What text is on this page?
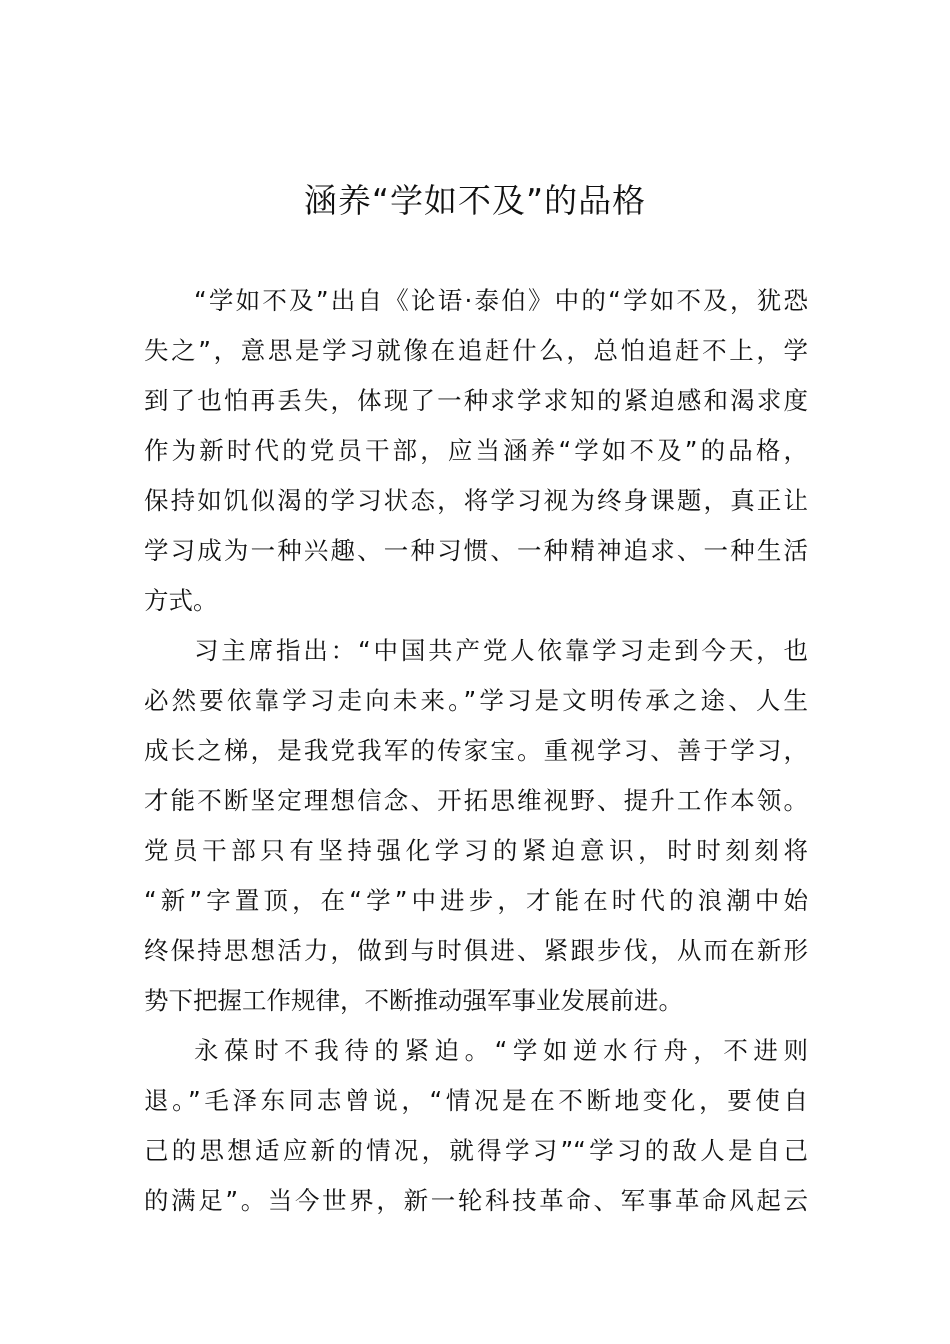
涵养“学如不及”的品格
“学如不及”出自《论语·泰伯》中的“学如不及，犹恐
失之”，意思是学习就像在追赶什么，总怕追赶不上，学
到了也怕再丢失，体现了一种求学求知的紧迫感和渴求度
作为新时代的党员干部，应当涵养“学如不及”的品格，
保持如饥似渴的学习状态，将学习视为终身课题，真正让
学习成为一种兴趣、一种习惯、一种精神追求、一种生活
方式。
习主席指出：“中国共产党人依靠学习走到今天，也
必然要依靠学习走向未来。”学习是文明传承之途、人生
成长之梯，是我党我军的传家宝。重视学习、善于学习，
才能不断坚定理想信念、开拓思维视野、提升工作本领。
党员干部只有坚持强化学习的紧迫意识，时时刻刻将
“新”字置顶，在“学”中进步，才能在时代的浪潮中始
终保持思想活力，做到与时俱进、紧跟步伐，从而在新形
势下把握工作规律，不断推动强军事业发展前进。
永葆时不我待的紧迫。“学如逆水行舟，不进则
退。”毛泽东同志曾说，“情况是在不断地变化，要使自
己的思想适应新的情况，就得学习”“学习的敌人是自己
的满足”。当今世界，新一轮科技革命、军事革命风起云
